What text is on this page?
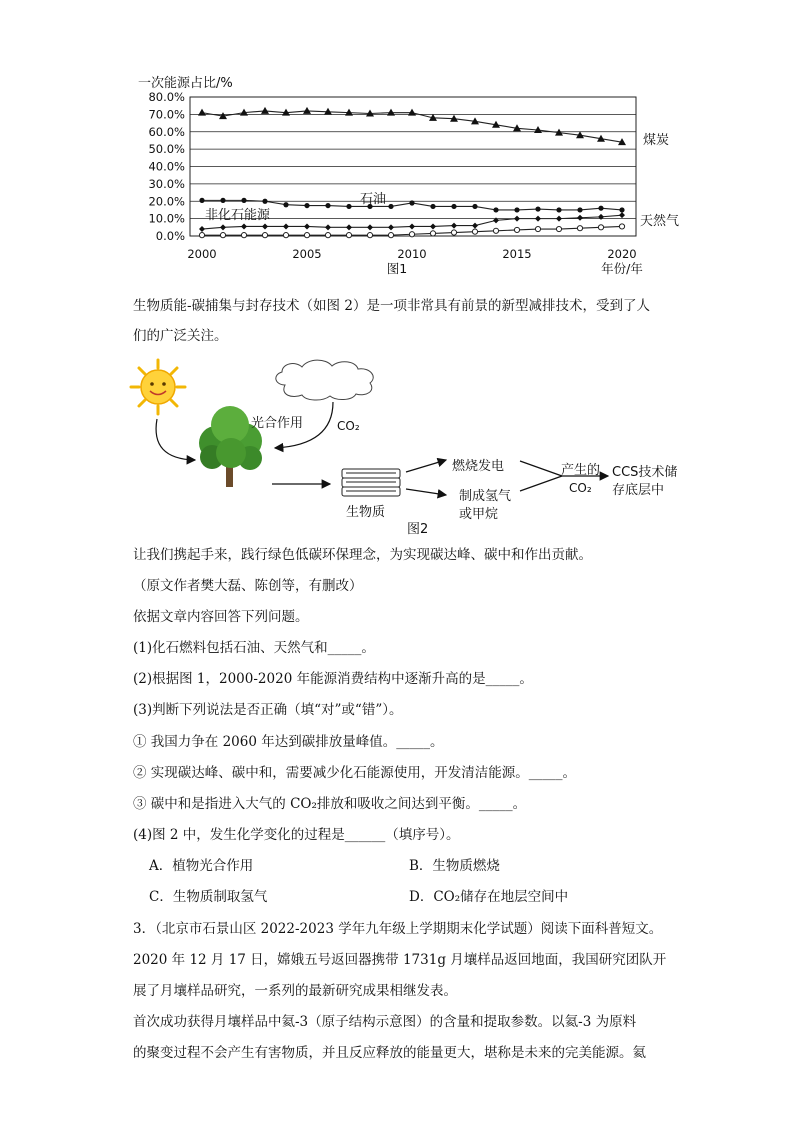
一次能源占比/%
0.0%
10.0%
20.0%
30.0%
40.0%
50.0%
60.0%
70.0%
80.0%
2000	2005	2010	2015	2020
图1	年份/年
煤炭
石油
非化石能源	天然气
生物质能-碳捕集与封存技术（如图 2）是一项非常具有前景的新型减排技术，受到了人
们的广泛关注。
光合作用	CO₂
燃烧发电
制成氢气
或甲烷
产生的
CO₂
CCS技术储
存底层中
生物质
图2
让我们携起手来，践行绿色低碳环保理念，为实现碳达峰、碳中和作出贡献。
（原文作者樊大磊、陈创等，有删改）
依据文章内容回答下列问题。
(1)化石燃料包括石油、天然气和_____。
(2)根据图 1，2000-2020 年能源消费结构中逐渐升高的是_____。
(3)判断下列说法是否正确（填“对”或“错”）。
① 我国力争在 2060 年达到碳排放量峰值。_____。
② 实现碳达峰、碳中和，需要减少化石能源使用，开发清洁能源。_____。
③ 碳中和是指进入大气的 CO₂排放和吸收之间达到平衡。_____。
(4)图 2 中，发生化学变化的过程是______（填序号）。
A．植物光合作用	B．生物质燃烧
C．生物质制取氢气	D．CO₂储存在地层空间中
3．（北京市石景山区 2022-2023 学年九年级上学期期末化学试题）阅读下面科普短文。
2020 年 12 月 17 日，嫦娥五号返回器携带 1731g 月壤样品返回地面，我国研究团队开
展了月壤样品研究，一系列的最新研究成果相继发表。
首次成功获得月壤样品中氦-3（原子结构示意图）的含量和提取参数。以氦-3 为原料
的聚变过程不会产生有害物质，并且反应释放的能量更大，堪称是未来的完美能源。氦
